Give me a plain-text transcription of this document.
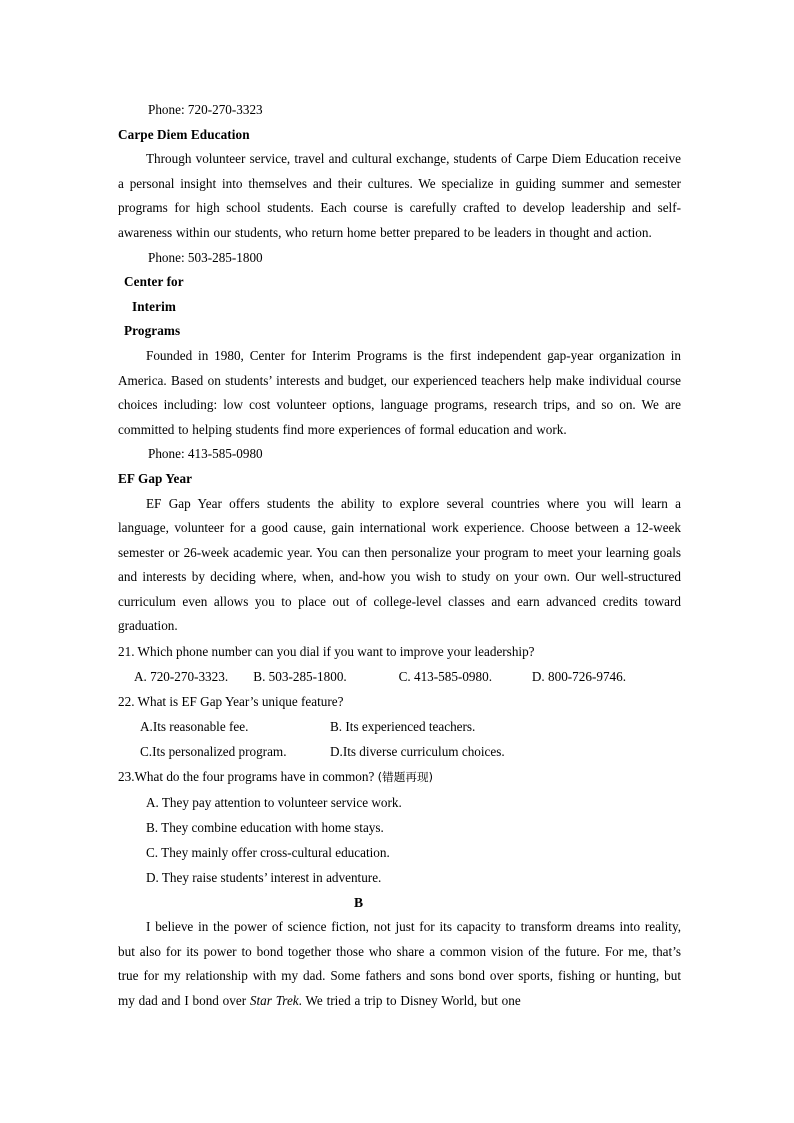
Phone: 720-270-3323

Carpe Diem Education

Through volunteer service, travel and cultural exchange, students of Carpe Diem Education receive a personal insight into themselves and their cultures. We specialize in guiding summer and semester programs for high school students. Each course is carefully crafted to develop leadership and self-awareness within our students, who return home better prepared to be leaders in thought and action.

Phone: 503-285-1800

Center for

Interim

Programs

Founded in 1980, Center for Interim Programs is the first independent gap-year organization in America. Based on students’ interests and budget, our experienced teachers help make individual course choices including: low cost volunteer options, language programs, research trips, and so on. We are committed to helping students find more experiences of formal education and work.

Phone: 413-585-0980

EF Gap Year

EF Gap Year offers students the ability to explore several countries where you will learn a language, volunteer for a good cause, gain international work experience. Choose between a 12-week semester or 26-week academic year. You can then personalize your program to meet your learning goals and interests by deciding where, when, and-how you wish to study on your own. Our well-structured curriculum even allows you to place out of college-level classes and earn advanced credits toward graduation.

21. Which phone number can you dial if you want to improve your leadership?

A. 720-270-3323. B. 503-285-1800.	C. 413-585-0980.	D. 800-726-9746.

22. What is EF Gap Year’s unique feature?

A.Its reasonable fee.	B. Its experienced teachers.
C.Its personalized program.	D.Its diverse curriculum choices.

23.What do the four programs have in common? (错题再现)

A. They pay attention to volunteer service work.

B. They combine education with home stays.

C. They mainly offer cross-cultural education.

D. They raise students’ interest in adventure.

B

I believe in the power of science fiction, not just for its capacity to transform dreams into reality, but also for its power to bond together those who share a common vision of the future. For me, that’s true for my relationship with my dad. Some fathers and sons bond over sports, fishing or hunting, but my dad and I bond over Star Trek. We tried a trip to Disney World, but one
